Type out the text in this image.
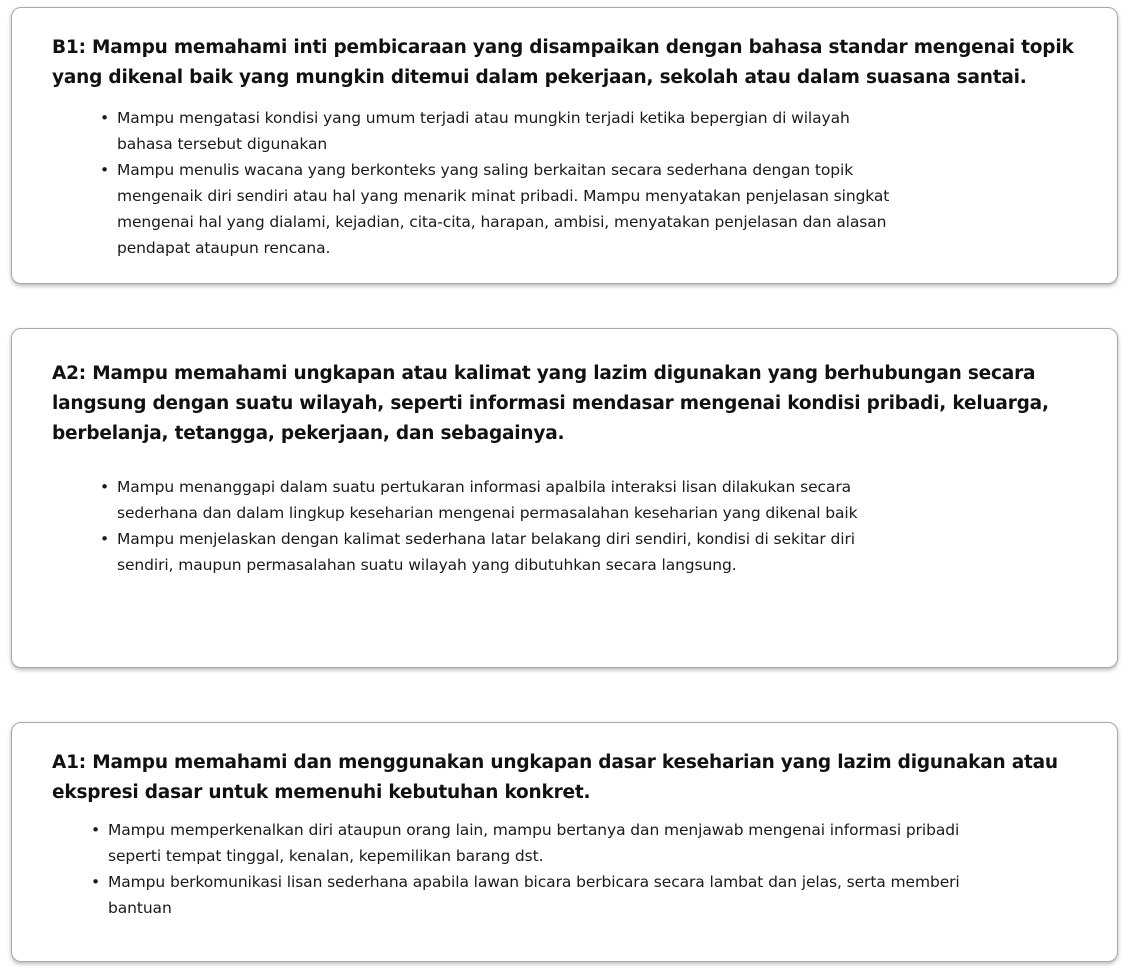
B1: Mampu memahami inti pembicaraan yang disampaikan dengan bahasa standar mengenai topik yang dikenal baik yang mungkin ditemui dalam pekerjaan, sekolah atau dalam suasana santai.
• Mampu mengatasi kondisi yang umum terjadi atau mungkin terjadi ketika bepergian di wilayah bahasa tersebut digunakan
• Mampu menulis wacana yang berkonteks yang saling berkaitan secara sederhana dengan topik mengenaik diri sendiri atau hal yang menarik minat pribadi. Mampu menyatakan penjelasan singkat mengenai hal yang dialami, kejadian, cita-cita, harapan, ambisi, menyatakan penjelasan dan alasan pendapat ataupun rencana.
A2: Mampu memahami ungkapan atau kalimat yang lazim digunakan yang berhubungan secara langsung dengan suatu wilayah, seperti informasi mendasar mengenai kondisi pribadi, keluarga, berbelanja, tetangga, pekerjaan, dan sebagainya.
• Mampu menanggapi dalam suatu pertukaran informasi apalbila interaksi lisan dilakukan secara sederhana dan dalam lingkup keseharian mengenai permasalahan keseharian yang dikenal baik
• Mampu menjelaskan dengan kalimat sederhana latar belakang diri sendiri, kondisi di sekitar diri sendiri, maupun permasalahan suatu wilayah yang dibutuhkan secara langsung.
A1: Mampu memahami dan menggunakan ungkapan dasar keseharian yang lazim digunakan atau ekspresi dasar untuk memenuhi kebutuhan konkret.
• Mampu memperkenalkan diri ataupun orang lain, mampu bertanya dan menjawab mengenai informasi pribadi seperti tempat tinggal, kenalan, kepemilikan barang dst.
• Mampu berkomunikasi lisan sederhana apabila lawan bicara berbicara secara lambat dan jelas, serta memberi bantuan
